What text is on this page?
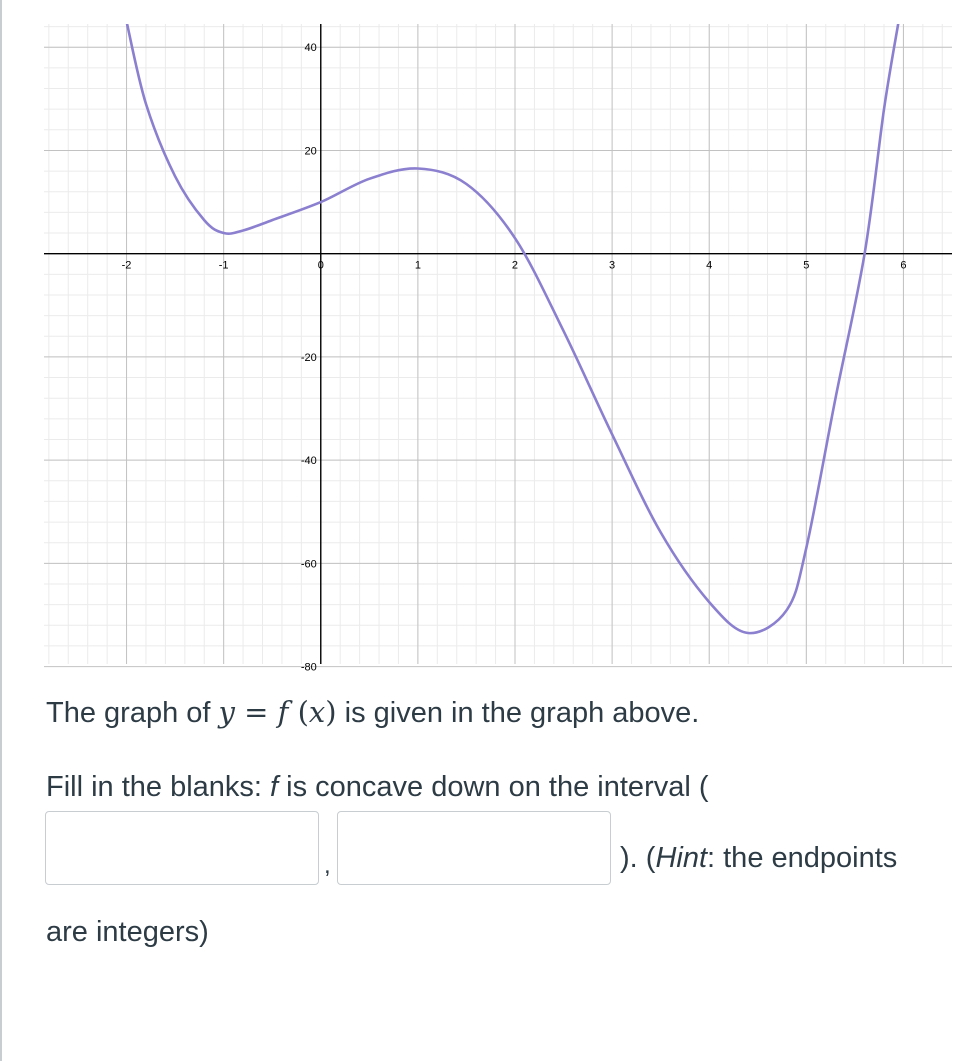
-2	-1	0	1	2	3	4	5	6
40
20
-20
-40
-60
-80
The graph of y = f (x) is given in the graph above.
Fill in the blanks: f is concave down on the interval (
,	). (Hint: the endpoints
are integers)
